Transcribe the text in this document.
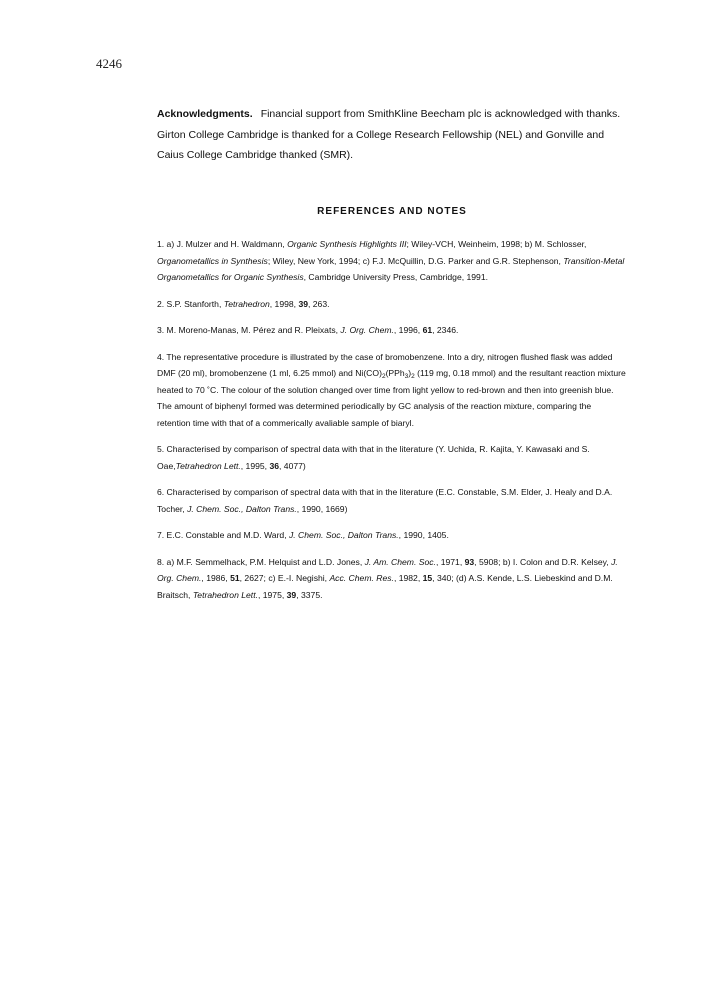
4246
Acknowledgments. Financial support from SmithKline Beecham plc is acknowledged with thanks. Girton College Cambridge is thanked for a College Research Fellowship (NEL) and Gonville and Caius College Cambridge thanked (SMR).
REFERENCES AND NOTES

1. a) J. Mulzer and H. Waldmann, Organic Synthesis Highlights III; Wiley-VCH, Weinheim, 1998; b) M. Schlosser, Organometallics in Synthesis; Wiley, New York, 1994; c) F.J. McQuillin, D.G. Parker and G.R. Stephenson, Transition-Metal Organometallics for Organic Synthesis, Cambridge University Press, Cambridge, 1991.

2. S.P. Stanforth, Tetrahedron, 1998, 39, 263.

3. M. Moreno-Manas, M. Pérez and R. Pleixats, J. Org. Chem., 1996, 61, 2346.

4. The representative procedure is illustrated by the case of bromobenzene. Into a dry, nitrogen flushed flask was added DMF (20 ml), bromobenzene (1 ml, 6.25 mmol) and $Ni(CO)_2(PPh_3)_2$ (119 mg, 0.18 mmol) and the resultant reaction mixture heated to 70 ˚C. The colour of the solution changed over time from light yellow to red-brown and then into greenish blue. The amount of biphenyl formed was determined periodically by GC analysis of the reaction mixture, comparing the retention time with that of a commerically avaliable sample of biaryl.

5. Characterised by comparison of spectral data with that in the literature (Y. Uchida, R. Kajita, Y. Kawasaki and S. Oae,Tetrahedron Lett., 1995, 36, 4077)

6. Characterised by comparison of spectral data with that in the literature (E.C. Constable, S.M. Elder, J. Healy and D.A. Tocher, J. Chem. Soc., Dalton Trans., 1990, 1669)

7. E.C. Constable and M.D. Ward, J. Chem. Soc., Dalton Trans., 1990, 1405.

8. a) M.F. Semmelhack, P.M. Helquist and L.D. Jones, J. Am. Chem. Soc., 1971, 93, 5908; b) I. Colon and D.R. Kelsey, J. Org. Chem., 1986, 51, 2627; c) E.-I. Negishi, Acc. Chem. Res., 1982, 15, 340; (d) A.S. Kende, L.S. Liebeskind and D.M. Braitsch, Tetrahedron Lett., 1975, 39, 3375.
